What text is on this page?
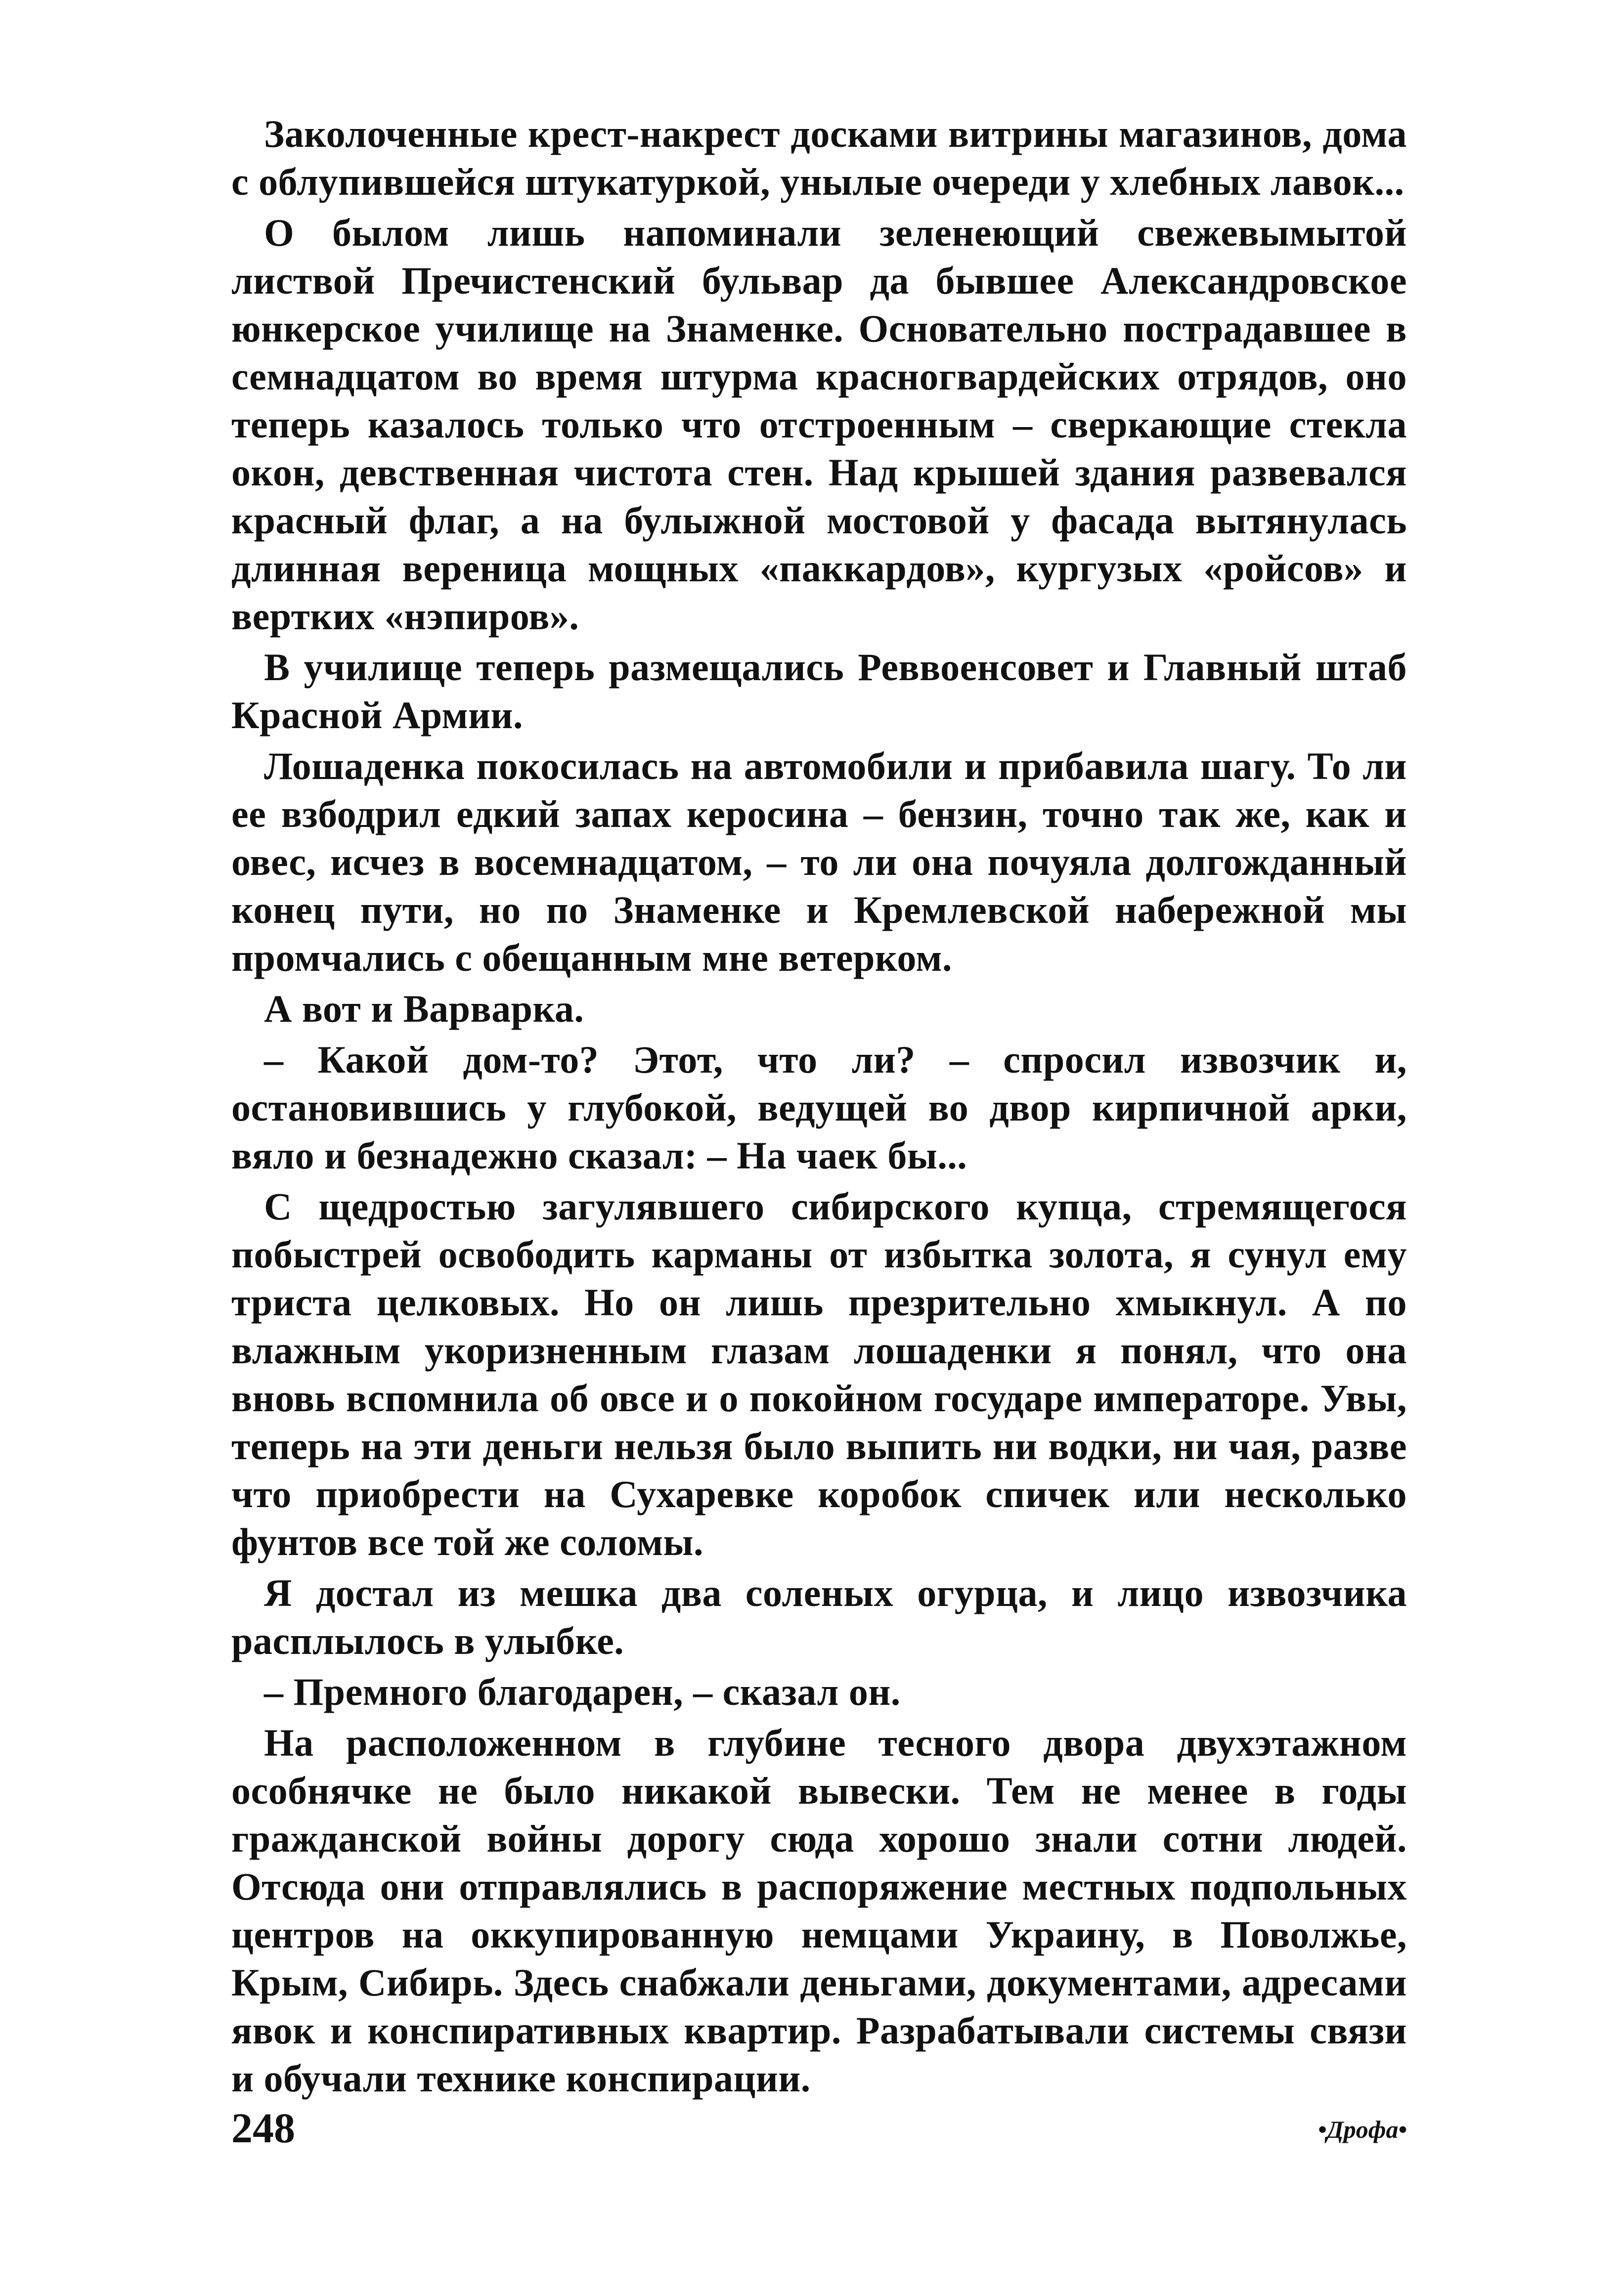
Заколоченные крест-накрест досками витрины магазинов, дома с облупившейся штукатуркой, унылые очереди у хлебных лавок...

О былом лишь напоминали зеленеющий свежевымытой листвой Пречистенский бульвар да бывшее Александровское юнкерское училище на Знаменке. Основательно пострадавшее в семнадцатом во время штурма красногвардейских отрядов, оно теперь казалось только что отстроенным – сверкающие стекла окон, девственная чистота стен. Над крышей здания развевался красный флаг, а на булыжной мостовой у фасада вытянулась длинная вереница мощных «паккардов», кургузых «ройсов» и вертких «нэпиров».

В училище теперь размещались Реввоенсовет и Главный штаб Красной Армии.

Лошаденка покосилась на автомобили и прибавила шагу. То ли ее взбодрил едкий запах керосина – бензин, точно так же, как и овес, исчез в восемнадцатом, – то ли она почуяла долгожданный конец пути, но по Знаменке и Кремлевской набережной мы промчались с обещанным мне ветерком.

А вот и Варварка.

– Какой дом-то? Этот, что ли? – спросил извозчик и, остановившись у глубокой, ведущей во двор кирпичной арки, вяло и безнадежно сказал: – На чаек бы...

С щедростью загулявшего сибирского купца, стремящегося побыстрей освободить карманы от избытка золота, я сунул ему триста целковых. Но он лишь презрительно хмыкнул. А по влажным укоризненным глазам лошаденки я понял, что она вновь вспомнила об овсе и о покойном государе императоре. Увы, теперь на эти деньги нельзя было выпить ни водки, ни чая, разве что приобрести на Сухаревке коробок спичек или несколько фунтов все той же соломы.

Я достал из мешка два соленых огурца, и лицо извозчика расплылось в улыбке.

– Премного благодарен, – сказал он.

На расположенном в глубине тесного двора двухэтажном особнячке не было никакой вывески. Тем не менее в годы гражданской войны дорогу сюда хорошо знали сотни людей. Отсюда они отправлялись в распоряжение местных подпольных центров на оккупированную немцами Украину, в Поволжье, Крым, Сибирь. Здесь снабжали деньгами, документами, адресами явок и конспиративных квартир. Разрабатывали системы связи и обучали технике конспирации.

248	•Дрофа•
